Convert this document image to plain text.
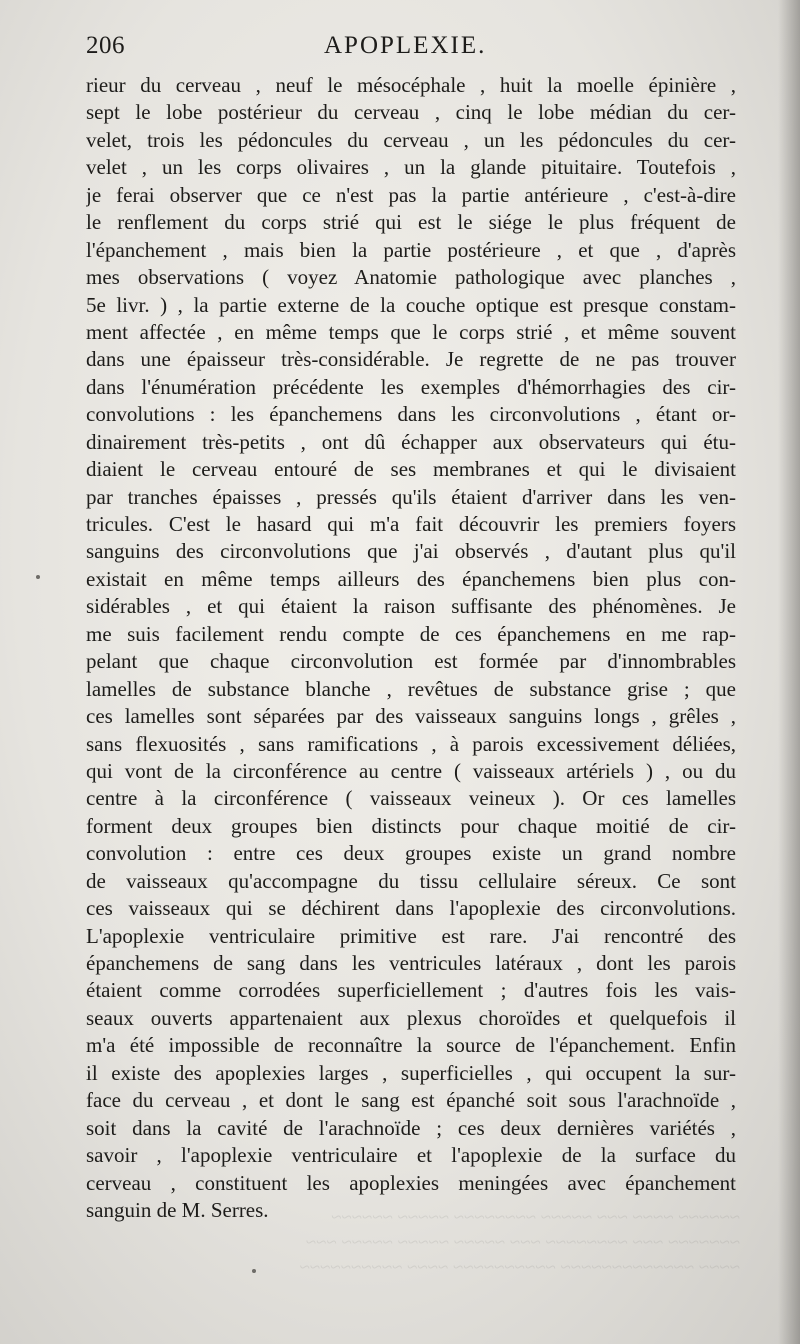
206	APOPLEXIE.
rieur du cerveau , neuf le mésocéphale , huit la moelle épinière ,
sept le lobe postérieur du cerveau , cinq le lobe médian du cer-
velet, trois les pédoncules du cerveau , un les pédoncules du cer-
velet , un les corps olivaires , un la glande pituitaire. Toutefois ,
je ferai observer que ce n'est pas la partie antérieure , c'est-à-dire
le renflement du corps strié qui est le siége le plus fréquent de
l'épanchement , mais bien la partie postérieure , et que , d'après
mes observations ( voyez Anatomie pathologique avec planches ,
5e livr. ) , la partie externe de la couche optique est presque constam-
ment affectée , en même temps que le corps strié , et même souvent
dans une épaisseur très-considérable. Je regrette de ne pas trouver
dans l'énumération précédente les exemples d'hémorrhagies des cir-
convolutions : les épanchemens dans les circonvolutions , étant or-
dinairement très-petits , ont dû échapper aux observateurs qui étu-
diaient le cerveau entouré de ses membranes et qui le divisaient
par tranches épaisses , pressés qu'ils étaient d'arriver dans les ven-
tricules. C'est le hasard qui m'a fait découvrir les premiers foyers
sanguins des circonvolutions que j'ai observés , d'autant plus qu'il
existait en même temps ailleurs des épanchemens bien plus con-
sidérables , et qui étaient la raison suffisante des phénomènes. Je
me suis facilement rendu compte de ces épanchemens en me rap-
pelant que chaque circonvolution est formée par d'innombrables
lamelles de substance blanche , revêtues de substance grise ; que
ces lamelles sont séparées par des vaisseaux sanguins longs , grêles ,
sans flexuosités , sans ramifications , à parois excessivement déliées,
qui vont de la circonférence au centre ( vaisseaux artériels ) , ou du
centre à la circonférence ( vaisseaux veineux ). Or ces lamelles
forment deux groupes bien distincts pour chaque moitié de cir-
convolution : entre ces deux groupes existe un grand nombre
de vaisseaux qu'accompagne du tissu cellulaire séreux. Ce sont
ces vaisseaux qui se déchirent dans l'apoplexie des circonvolutions.
L'apoplexie ventriculaire primitive est rare. J'ai rencontré des
épanchemens de sang dans les ventricules latéraux , dont les parois
étaient comme corrodées superficiellement ; d'autres fois les vais-
seaux ouverts appartenaient aux plexus choroïdes et quelquefois il
m'a été impossible de reconnaître la source de l'épanchement. Enfin
il existe des apoplexies larges , superficielles , qui occupent la sur-
face du cerveau , et dont le sang est épanché soit sous l'arachnoïde ,
soit dans la cavité de l'arachnoïde ; ces deux dernières variétés ,
savoir , l'apoplexie ventriculaire et l'apoplexie de la surface du
cerveau , constituent les apoplexies meningées avec épanchement
sanguin de M. Serres.	~~~~~~ ~~~~ ~~~ ~~~~~ ~~~~~~~~ ~~~~~ ~~~~~~
~~~~~~~ ~~~ ~~~~~~~~ ~~~ ~~~~~ ~~~~~ ~~~~~ ~~~
~~~~ ~~~~~~~~~~~~~ ~~~~~~~~~~ ~~~~ ~~~~~~~~~~
